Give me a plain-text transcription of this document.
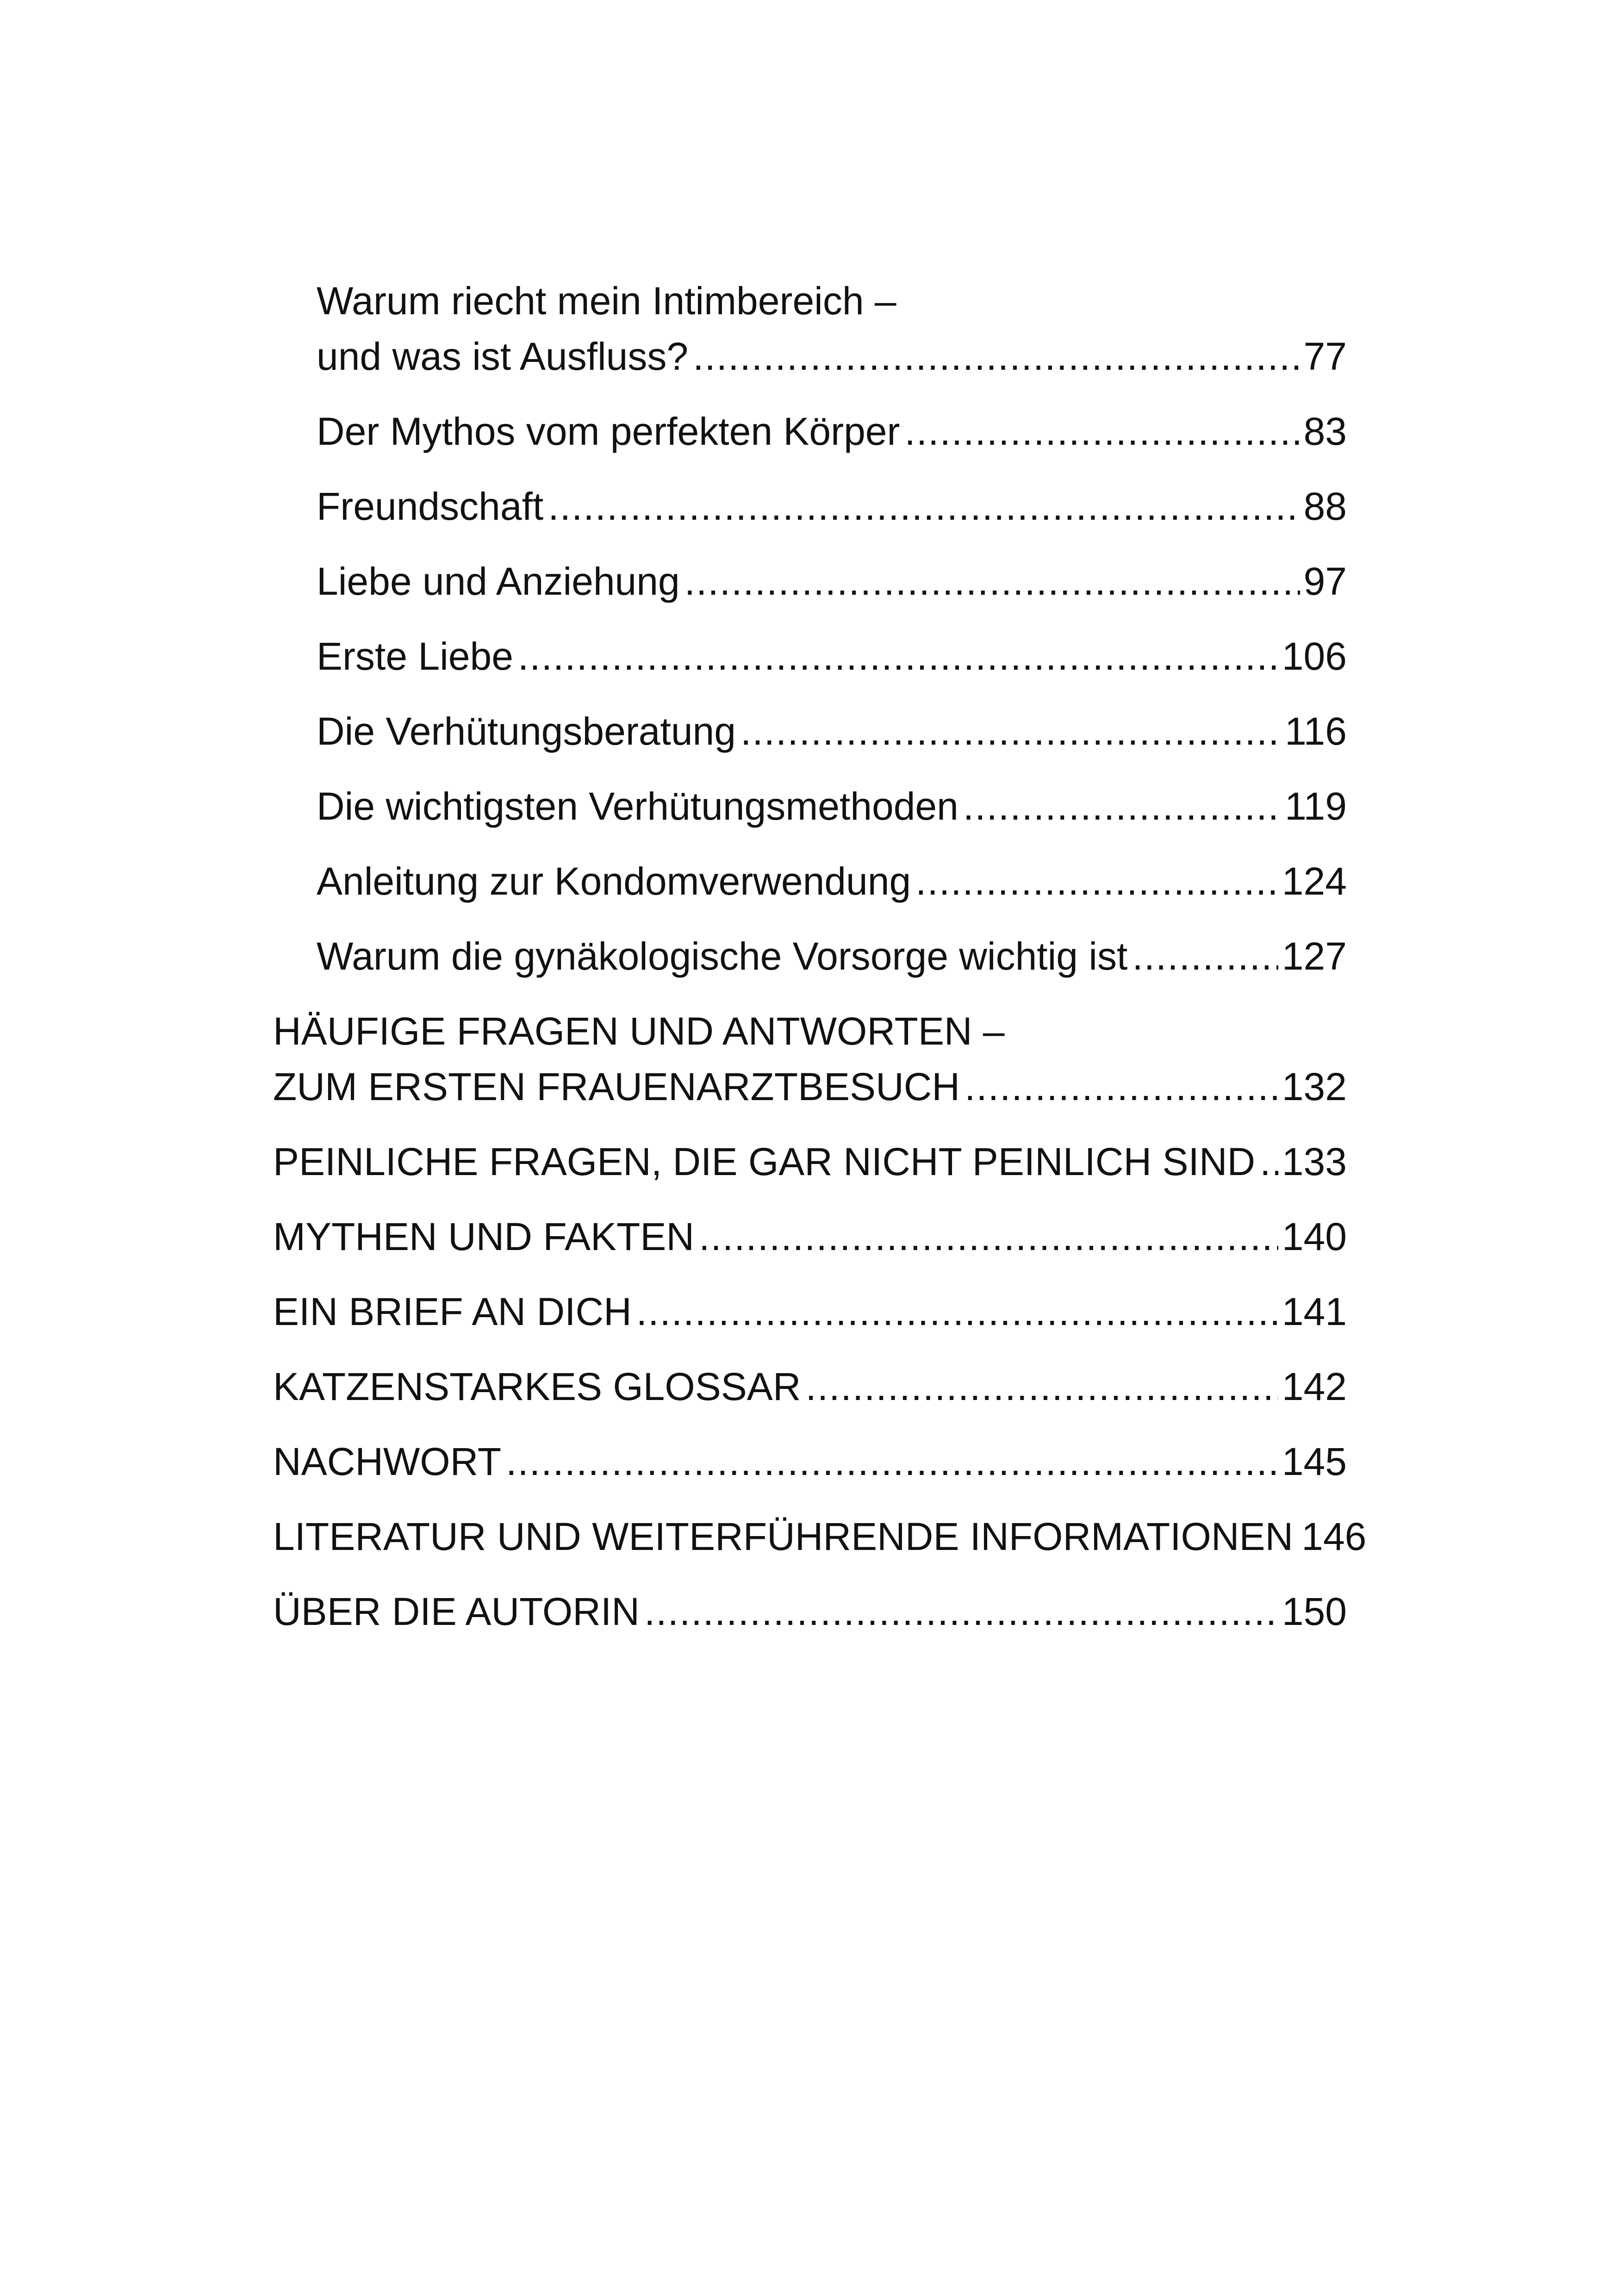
Warum riecht mein Intimbereich –
und was ist Ausfluss? .....	77
Der Mythos vom perfekten Körper .....	83
Freundschaft .....	88
Liebe und Anziehung .....	97
Erste Liebe .....	106
Die Verhütungsberatung .....	116
Die wichtigsten Verhütungsmethoden .....	119
Anleitung zur Kondomverwendung .....	124
Warum die gynäkologische Vorsorge wichtig ist .....	127
HÄUFIGE FRAGEN UND ANTWORTEN –
ZUM ERSTEN FRAUENARZTBESUCH .....	132
PEINLICHE FRAGEN, DIE GAR NICHT PEINLICH SIND ..... 133
MYTHEN UND FAKTEN .....	140
EIN BRIEF AN DICH .....	141
KATZENSTARKES GLOSSAR .....	142
NACHWORT .....	145
LITERATUR UND WEITERFÜHRENDE INFORMATIONEN 146
ÜBER DIE AUTORIN .....	150
